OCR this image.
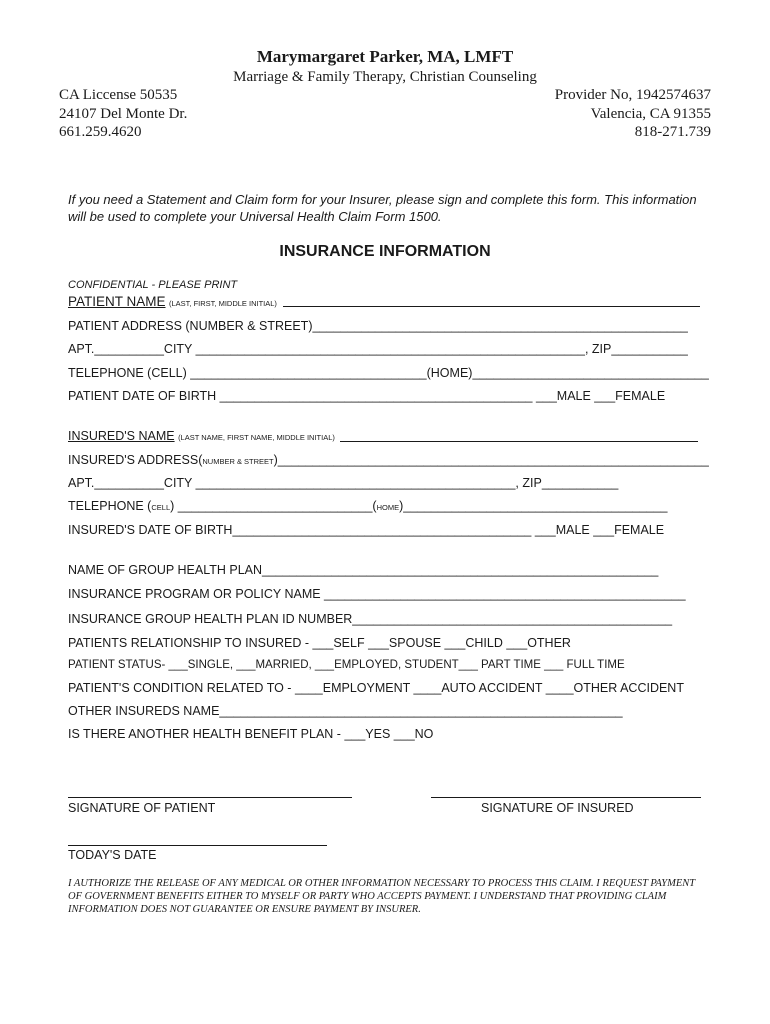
Marymargaret Parker, MA, LMFT
Marriage & Family Therapy, Christian Counseling
CA Liccense 50535
24107 Del Monte Dr.
661.259.4620
Provider No, 1942574637
Valencia, CA 91355
818-271.739
If you need a Statement and Claim form for your Insurer, please sign and complete this form. This information will be used to complete your Universal Health Claim Form 1500.
INSURANCE INFORMATION
CONFIDENTIAL - PLEASE PRINT
PATIENT NAME (LAST, FIRST, MIDDLE INITIAL)
PATIENT ADDRESS (NUMBER & STREET)______________________________________________________
APT.__________CITY ________________________________________________________, ZIP___________
TELEPHONE (CELL) __________________________________(HOME)__________________________________
PATIENT DATE OF BIRTH _____________________________________________ ___MALE ___FEMALE
INSURED'S NAME (LAST NAME, FIRST NAME, MIDDLE INITIAL)
INSURED'S ADDRESS(NUMBER & STREET)______________________________________________________________
APT.__________CITY ______________________________________________, ZIP___________
TELEPHONE (CELL) ____________________________(HOME)______________________________________
INSURED'S DATE OF BIRTH___________________________________________ ___MALE ___FEMALE
NAME OF GROUP HEALTH PLAN_________________________________________________________
INSURANCE PROGRAM OR POLICY NAME ____________________________________________________
INSURANCE GROUP HEALTH PLAN ID NUMBER______________________________________________
PATIENTS RELATIONSHIP TO INSURED - ___SELF ___SPOUSE ___CHILD ___OTHER
PATIENT STATUS- ___SINGLE, ___MARRIED, ___EMPLOYED, STUDENT___ PART TIME ___ FULL TIME
PATIENT'S CONDITION RELATED TO - ____EMPLOYMENT ____AUTO ACCIDENT ____OTHER ACCIDENT
OTHER INSUREDS NAME__________________________________________________________
IS THERE ANOTHER HEALTH BENEFIT PLAN - ___YES ___NO
SIGNATURE OF PATIENT	SIGNATURE OF INSURED
TODAY'S DATE
I AUTHORIZE THE RELEASE OF ANY MEDICAL OR OTHER INFORMATION NECESSARY TO PROCESS THIS CLAIM. I REQUEST PAYMENT OF GOVERNMENT BENEFITS EITHER TO MYSELF OR PARTY WHO ACCEPTS PAYMENT. I UNDERSTAND THAT PROVIDING CLAIM INFORMATION DOES NOT GUARANTEE OR ENSURE PAYMENT BY INSURER.
